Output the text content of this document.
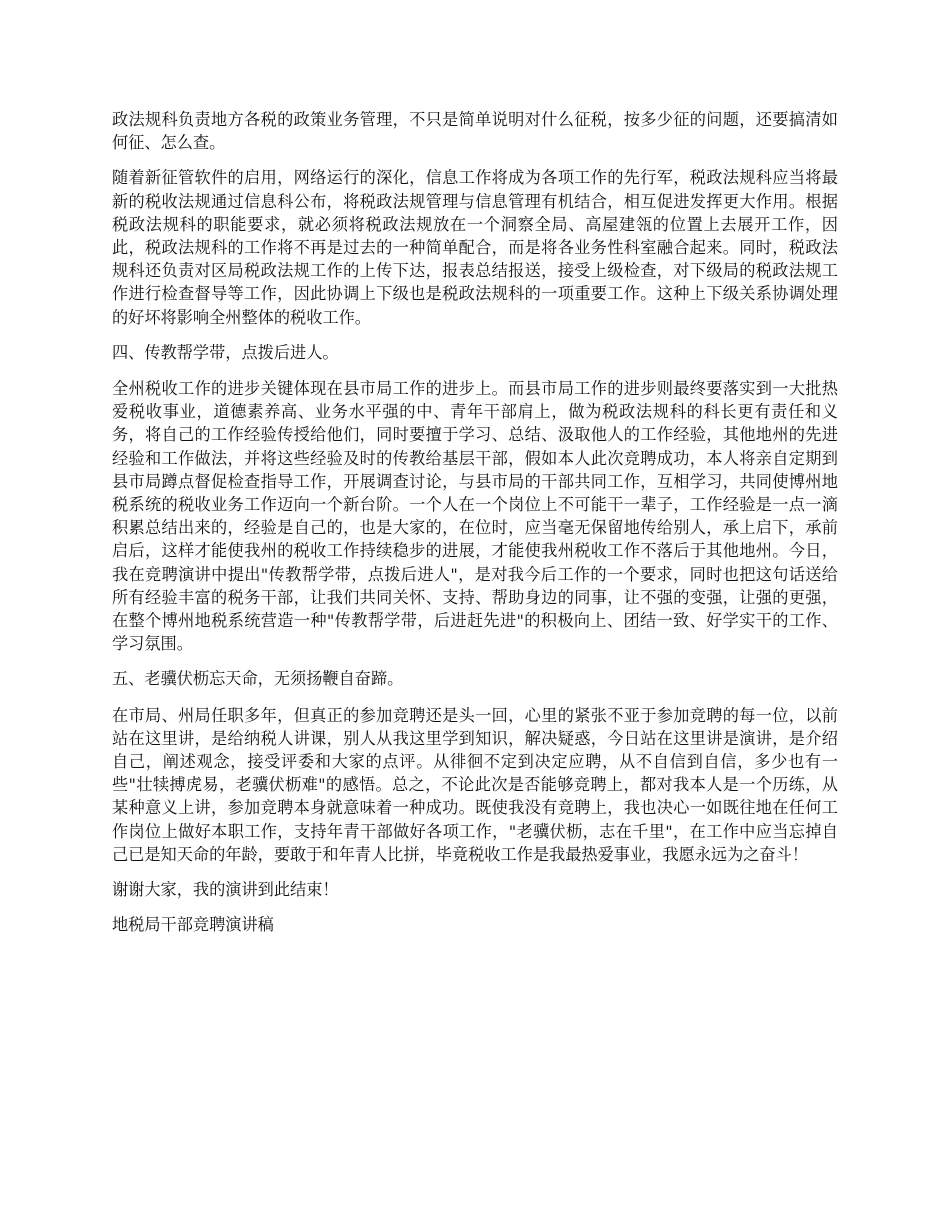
政法规科负责地方各税的政策业务管理，不只是简单说明对什么征税，按多少征的问题，还要搞清如何征、怎么查。

随着新征管软件的启用，网络运行的深化，信息工作将成为各项工作的先行军，税政法规科应当将最新的税收法规通过信息科公布，将税政法规管理与信息管理有机结合，相互促进发挥更大作用。根据税政法规科的职能要求，就必须将税政法规放在一个洞察全局、高屋建瓴的位置上去展开工作，因此，税政法规科的工作将不再是过去的一种简单配合，而是将各业务性科室融合起来。同时，税政法规科还负责对区局税政法规工作的上传下达，报表总结报送，接受上级检查，对下级局的税政法规工作进行检查督导等工作，因此协调上下级也是税政法规科的一项重要工作。这种上下级关系协调处理的好坏将影响全州整体的税收工作。

四、传教帮学带，点拨后进人。

全州税收工作的进步关键体现在县市局工作的进步上。而县市局工作的进步则最终要落实到一大批热爱税收事业，道德素养高、业务水平强的中、青年干部肩上，做为税政法规科的科长更有责任和义务，将自己的工作经验传授给他们，同时要擅于学习、总结、汲取他人的工作经验，其他地州的先进经验和工作做法，并将这些经验及时的传教给基层干部，假如本人此次竞聘成功，本人将亲自定期到县市局蹲点督促检查指导工作，开展调查讨论，与县市局的干部共同工作，互相学习，共同使博州地税系统的税收业务工作迈向一个新台阶。一个人在一个岗位上不可能干一辈子，工作经验是一点一滴积累总结出来的，经验是自己的，也是大家的，在位时，应当毫无保留地传给别人，承上启下，承前启后，这样才能使我州的税收工作持续稳步的进展，才能使我州税收工作不落后于其他地州。今日，我在竞聘演讲中提出"传教帮学带，点拨后进人"，是对我今后工作的一个要求，同时也把这句话送给所有经验丰富的税务干部，让我们共同关怀、支持、帮助身边的同事，让不强的变强，让强的更强，在整个博州地税系统营造一种"传教帮学带，后进赶先进"的积极向上、团结一致、好学实干的工作、学习氛围。

五、老骥伏枥忘天命，无须扬鞭自奋蹄。

在市局、州局任职多年，但真正的参加竞聘还是头一回，心里的紧张不亚于参加竞聘的每一位，以前站在这里讲，是给纳税人讲课，别人从我这里学到知识，解决疑惑，今日站在这里讲是演讲，是介绍自己，阐述观念，接受评委和大家的点评。从徘徊不定到决定应聘，从不自信到自信，多少也有一些"壮犊搏虎易，老骥伏枥难"的感悟。总之，不论此次是否能够竞聘上，都对我本人是一个历练，从某种意义上讲，参加竞聘本身就意味着一种成功。既使我没有竞聘上，我也决心一如既往地在任何工作岗位上做好本职工作，支持年青干部做好各项工作，"老骥伏枥，志在千里"，在工作中应当忘掉自己已是知天命的年龄，要敢于和年青人比拼，毕竟税收工作是我最热爱事业，我愿永远为之奋斗！

谢谢大家，我的演讲到此结束！

地税局干部竞聘演讲稿
